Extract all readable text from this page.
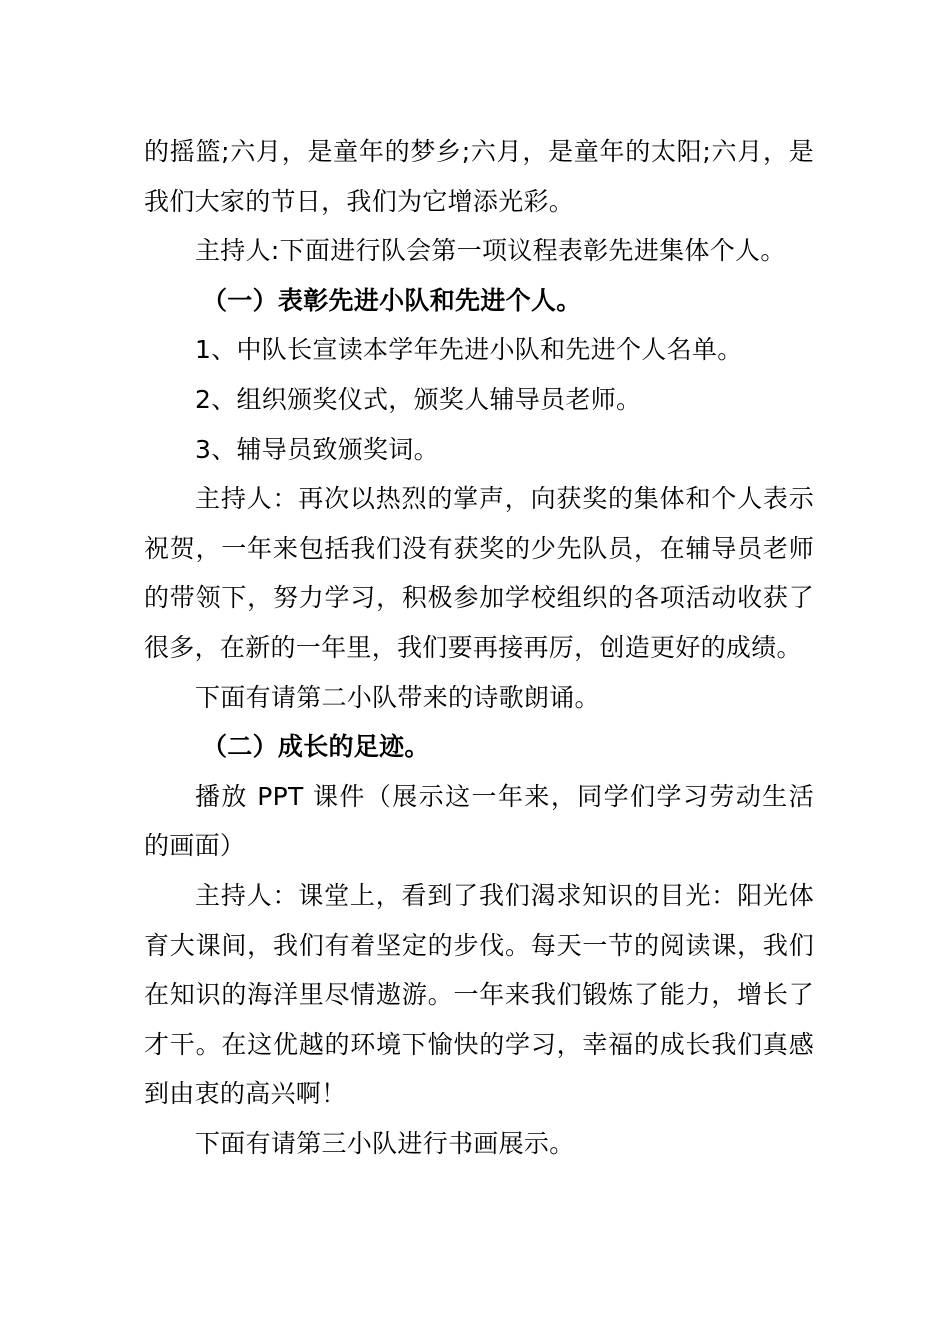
的摇篮;六月，是童年的梦乡;六月，是童年的太阳;六月，是我们大家的节日，我们为它增添光彩。

主持人:下面进行队会第一项议程表彰先进集体个人。

（一）表彰先进小队和先进个人。

1、中队长宣读本学年先进小队和先进个人名单。

2、组织颁奖仪式，颁奖人辅导员老师。

3、辅导员致颁奖词。

主持人：再次以热烈的掌声，向获奖的集体和个人表示祝贺，一年来包括我们没有获奖的少先队员，在辅导员老师的带领下，努力学习，积极参加学校组织的各项活动收获了很多，在新的一年里，我们要再接再厉，创造更好的成绩。

下面有请第二小队带来的诗歌朗诵。

（二）成长的足迹。

播放 PPT 课件（展示这一年来，同学们学习劳动生活的画面）

主持人：课堂上，看到了我们渴求知识的目光：阳光体育大课间，我们有着坚定的步伐。每天一节的阅读课，我们在知识的海洋里尽情遨游。一年来我们锻炼了能力，增长了才干。在这优越的环境下愉快的学习，幸福的成长我们真感到由衷的高兴啊！

下面有请第三小队进行书画展示。
